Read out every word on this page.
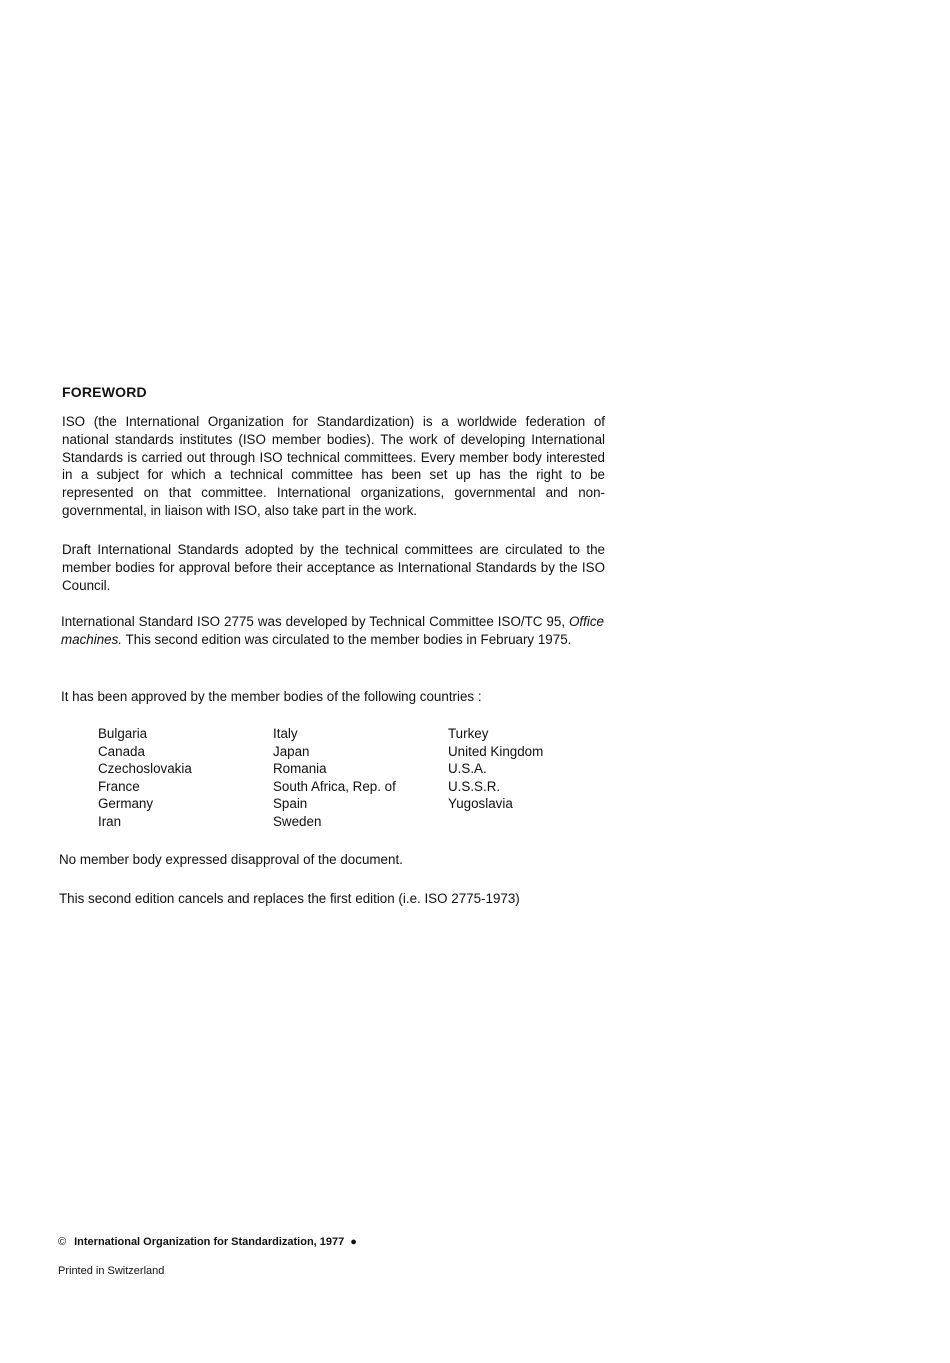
FOREWORD

ISO (the International Organization for Standardization) is a worldwide federation of national standards institutes (ISO member bodies). The work of developing International Standards is carried out through ISO technical committees. Every member body interested in a subject for which a technical committee has been set up has the right to be represented on that committee. International organizations, governmental and non-governmental, in liaison with ISO, also take part in the work.

Draft International Standards adopted by the technical committees are circulated to the member bodies for approval before their acceptance as International Standards by the ISO Council.

International Standard ISO 2775 was developed by Technical Committee ISO/TC 95, Office machines. This second edition was circulated to the member bodies in February 1975.

It has been approved by the member bodies of the following countries :

Bulgaria
Canada
Czechoslovakia
France
Germany
Iran
Italy
Japan
Romania
South Africa, Rep. of
Spain
Sweden
Turkey
United Kingdom
U.S.A.
U.S.S.R.
Yugoslavia

No member body expressed disapproval of the document.

This second edition cancels and replaces the first edition (i.e. ISO 2775-1973)

© International Organization for Standardization, 1977 ●
Printed in Switzerland
